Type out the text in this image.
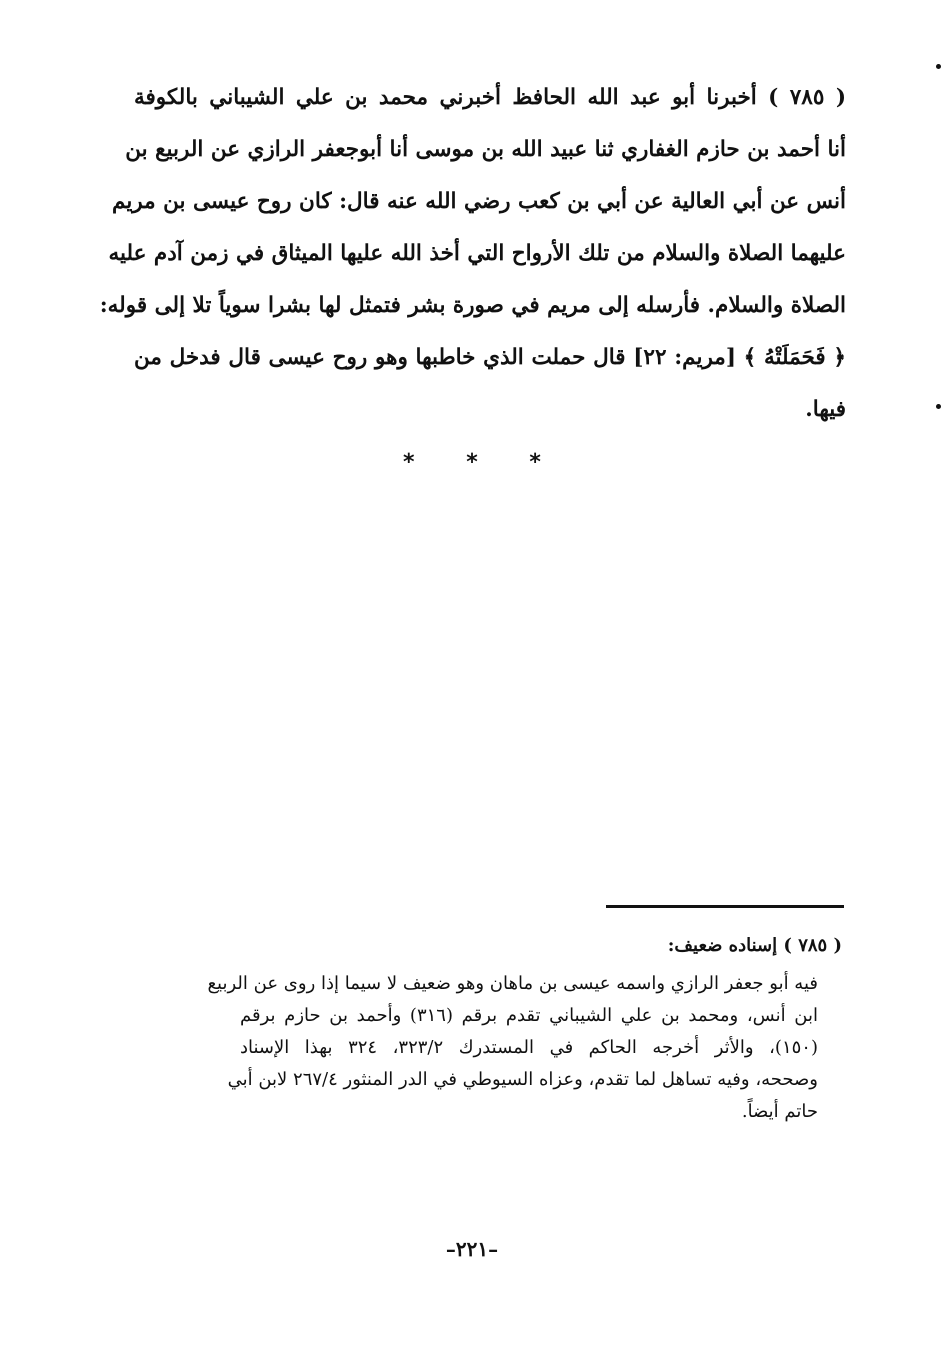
( ٧٨٥ ) أخبرنا أبو عبد الله الحافظ أخبرني محمد بن علي الشيباني بالكوفة
أنا أحمد بن حازم الغفاري ثنا عبيد الله بن موسى أنا أبوجعفر الرازي عن الربيع بن
أنس عن أبي العالية عن أبي بن كعب رضي الله عنه قال: كان روح عيسى بن مريم
عليهما الصلاة والسلام من تلك الأرواح التي أخذ الله عليها الميثاق في زمن آدم عليه
الصلاة والسلام. فأرسله إلى مريم في صورة بشر فتمثل لها بشرا سوياً تلا إلى قوله:
﴿ فَحَمَلَتْهُ ﴾ [مريم: ٢٢] قال حملت الذي خاطبها وهو روح عيسى قال فدخل من
فيها.
* * *
( ٧٨٥ ) إسناده ضعيف:
فيه أبو جعفر الرازي واسمه عيسى بن ماهان وهو ضعيف لا سيما إذا روى عن الربيع
ابن أنس، ومحمد بن علي الشيباني تقدم برقم (٣١٦) وأحمد بن حازم برقم
(١٥٠)، والأثر أخرجه الحاكم في المستدرك ٣٢٣/٢، ٣٢٤ بهذا الإسناد
وصححه، وفيه تساهل لما تقدم، وعزاه السيوطي في الدر المنثور ٢٦٧/٤ لابن أبي
حاتم أيضاً.
–٢٢١–
